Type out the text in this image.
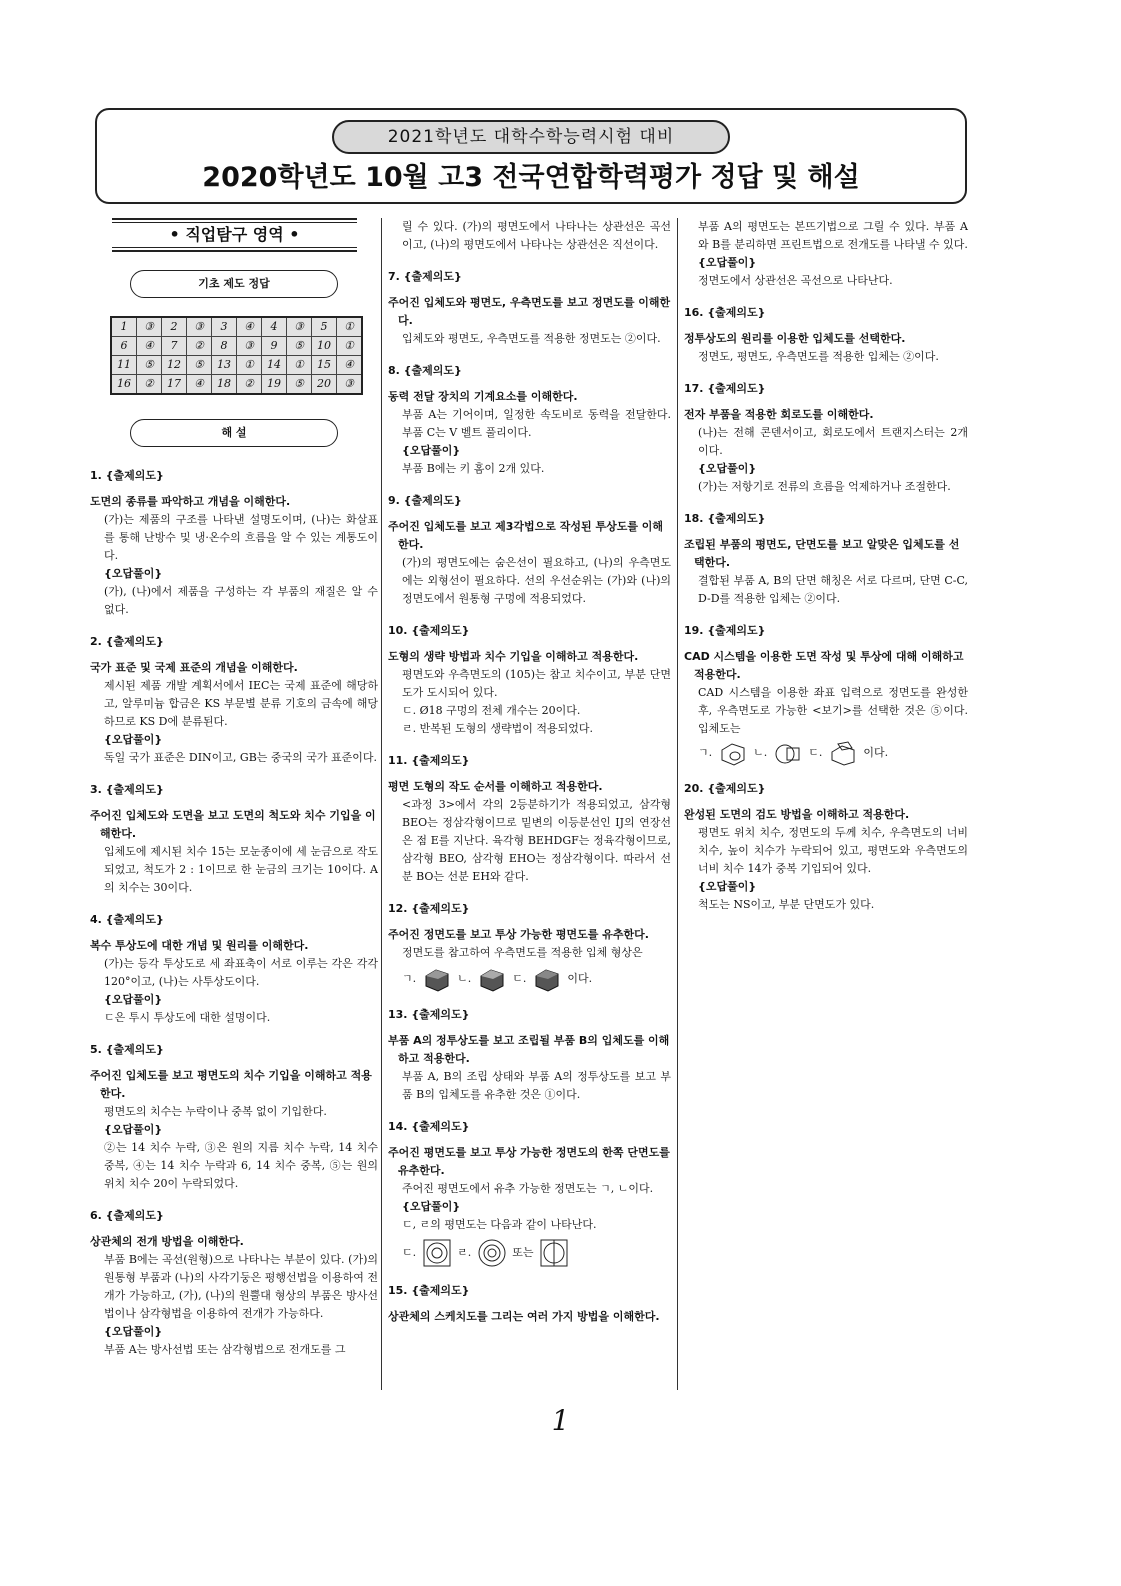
2021학년도 대학수학능력시험 대비
2020학년도 10월 고3 전국연합학력평가 정답 및 해설
• 직업탐구 영역 •
기초 제도 정답
1	③	2	③	3	④	4	③	5	①
6	④	7	②	8	③	9	⑤	10	①
11	⑤	12	⑤	13	①	14	①	15	④
16	②	17	④	18	②	19	⑤	20	③
해 설
1. {출제의도}
도면의 종류를 파악하고 개념을 이해한다.
(가)는 제품의 구조를 나타낸 설명도이며, (나)는 화살표를 통해 난방수 및 냉·온수의 흐름을 알 수 있는 계통도이다.
{오답풀이}
(가), (나)에서 제품을 구성하는 각 부품의 재질은 알 수 없다.
2. {출제의도}
국가 표준 및 국제 표준의 개념을 이해한다.
제시된 제품 개발 계획서에서 IEC는 국제 표준에 해당하고, 알루미늄 합금은 KS 부문별 분류 기호의 금속에 해당하므로 KS D에 분류된다.
{오답풀이}
독일 국가 표준은 DIN이고, GB는 중국의 국가 표준이다.
3. {출제의도}
주어진 입체도와 도면을 보고 도면의 척도와 치수 기입을 이해한다.
입체도에 제시된 치수 15는 모눈종이에 세 눈금으로 작도되었고, 척도가 2 : 1이므로 한 눈금의 크기는 10이다. A의 치수는 30이다.
4. {출제의도}
복수 투상도에 대한 개념 및 원리를 이해한다.
(가)는 등각 투상도로 세 좌표축이 서로 이루는 각은 각각 120°이고, (나)는 사투상도이다.
{오답풀이}
ㄷ은 투시 투상도에 대한 설명이다.
5. {출제의도}
주어진 입체도를 보고 평면도의 치수 기입을 이해하고 적용한다.
평면도의 치수는 누락이나 중복 없이 기입한다.
{오답풀이}
②는 14 치수 누락, ③은 원의 지름 치수 누락, 14 치수 중복, ④는 14 치수 누락과 6, 14 치수 중복, ⑤는 원의 위치 치수 20이 누락되었다.
6. {출제의도}
상관체의 전개 방법을 이해한다.
부품 B에는 곡선(원형)으로 나타나는 부분이 있다. (가)의 원통형 부품과 (나)의 사각기둥은 평행선법을 이용하여 전개가 가능하고, (가), (나)의 원뿔대 형상의 부품은 방사선법이나 삼각형법을 이용하여 전개가 가능하다.
{오답풀이}
부품 A는 방사선법 또는 삼각형법으로 전개도를 그
릴 수 있다. (가)의 평면도에서 나타나는 상관선은 곡선이고, (나)의 평면도에서 나타나는 상관선은 직선이다.
7. {출제의도}
주어진 입체도와 평면도, 우측면도를 보고 정면도를 이해한다.
입체도와 평면도, 우측면도를 적용한 정면도는 ②이다.
8. {출제의도}
동력 전달 장치의 기계요소를 이해한다.
부품 A는 기어이며, 일정한 속도비로 동력을 전달한다. 부품 C는 V 벨트 풀리이다.
{오답풀이}
부품 B에는 키 홈이 2개 있다.
9. {출제의도}
주어진 입체도를 보고 제3각법으로 작성된 투상도를 이해한다.
(가)의 평면도에는 숨은선이 필요하고, (나)의 우측면도에는 외형선이 필요하다. 선의 우선순위는 (가)와 (나)의 정면도에서 원통형 구멍에 적용되었다.
10. {출제의도}
도형의 생략 방법과 치수 기입을 이해하고 적용한다.
평면도와 우측면도의 (105)는 참고 치수이고, 부분 단면도가 도시되어 있다.
ㄷ. Ø18 구멍의 전체 개수는 20이다.
ㄹ. 반복된 도형의 생략법이 적용되었다.
11. {출제의도}
평면 도형의 작도 순서를 이해하고 적용한다.
<과정 3>에서 각의 2등분하기가 적용되었고, 삼각형 BEO는 정삼각형이므로 밑변의 이등분선인 IJ의 연장선은 점 E를 지난다. 육각형 BEHDGF는 정육각형이므로, 삼각형 BEO, 삼각형 EHO는 정삼각형이다. 따라서 선분 BO는 선분 EH와 같다.
12. {출제의도}
주어진 정면도를 보고 투상 가능한 평면도를 유추한다.
정면도를 참고하여 우측면도를 적용한 입체 형상은
ㄱ.	ㄴ.	ㄷ.	이다.
13. {출제의도}
부품 A의 정투상도를 보고 조립될 부품 B의 입체도를 이해하고 적용한다.
부품 A, B의 조립 상태와 부품 A의 정투상도를 보고 부품 B의 입체도를 유추한 것은 ①이다.
14. {출제의도}
주어진 평면도를 보고 투상 가능한 정면도의 한쪽 단면도를 유추한다.
주어진 평면도에서 유추 가능한 정면도는 ㄱ, ㄴ이다.
{오답풀이}
ㄷ, ㄹ의 평면도는 다음과 같이 나타난다.
ㄷ.	ㄹ.	또는
15. {출제의도}
상관체의 스케치도를 그리는 여러 가지 방법을 이해한다.
부품 A의 평면도는 본뜨기법으로 그릴 수 있다. 부품 A와 B를 분리하면 프린트법으로 전개도를 나타낼 수 있다.
{오답풀이}
정면도에서 상관선은 곡선으로 나타난다.
16. {출제의도}
정투상도의 원리를 이용한 입체도를 선택한다.
정면도, 평면도, 우측면도를 적용한 입체는 ②이다.
17. {출제의도}
전자 부품을 적용한 회로도를 이해한다.
(나)는 전해 콘덴서이고, 회로도에서 트랜지스터는 2개이다.
{오답풀이}
(가)는 저항기로 전류의 흐름을 억제하거나 조절한다.
18. {출제의도}
조립된 부품의 평면도, 단면도를 보고 알맞은 입체도를 선택한다.
결합된 부품 A, B의 단면 해칭은 서로 다르며, 단면 C-C, D-D를 적용한 입체는 ②이다.
19. {출제의도}
CAD 시스템을 이용한 도면 작성 및 투상에 대해 이해하고 적용한다.
CAD 시스템을 이용한 좌표 입력으로 정면도를 완성한 후, 우측면도로 가능한 <보기>를 선택한 것은 ⑤이다. 입체도는
ㄱ.	ㄴ.	ㄷ.	이다.
20. {출제의도}
완성된 도면의 검도 방법을 이해하고 적용한다.
평면도 위치 치수, 정면도의 두께 치수, 우측면도의 너비 치수, 높이 치수가 누락되어 있고, 평면도와 우측면도의 너비 치수 14가 중복 기입되어 있다.
{오답풀이}
척도는 NS이고, 부분 단면도가 있다.
1
